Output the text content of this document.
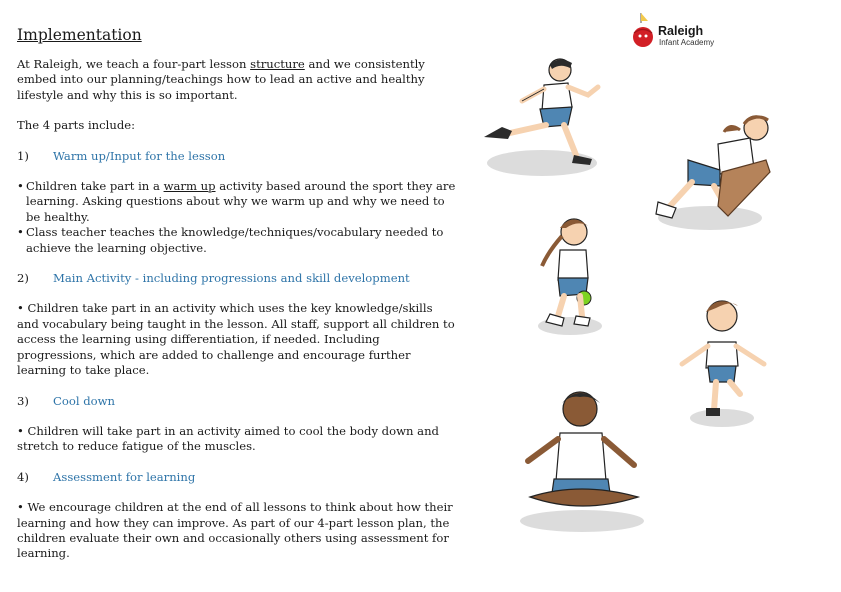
Implementation
At Raleigh, we teach a four-part lesson structure and we consistently embed into our planning/teachings how to lead an active and healthy lifestyle and why this is so important.
The 4 parts include:
1)	Warm up/Input for the lesson
• Children take part in a warm up activity based around the sport they are learning. Asking questions about why we warm up and why we need to be healthy.
• Class teacher teaches the knowledge/techniques/vocabulary needed to achieve the learning objective.
2)	Main Activity - including progressions and skill development
• Children take part in an activity which uses the key knowledge/skills and vocabulary being taught in the lesson. All staff, support all children to access the learning using differentiation, if needed. Including progressions, which are added to challenge and encourage further learning to take place.
3)	Cool down
• Children will take part in an activity aimed to cool the body down and stretch to reduce fatigue of the muscles.
4)	Assessment for learning
• We encourage children at the end of all lessons to think about how their learning and how they can improve. As part of our 4-part lesson plan, the children evaluate their own and occasionally others using assessment for learning.
Raleigh
Infant Academy
